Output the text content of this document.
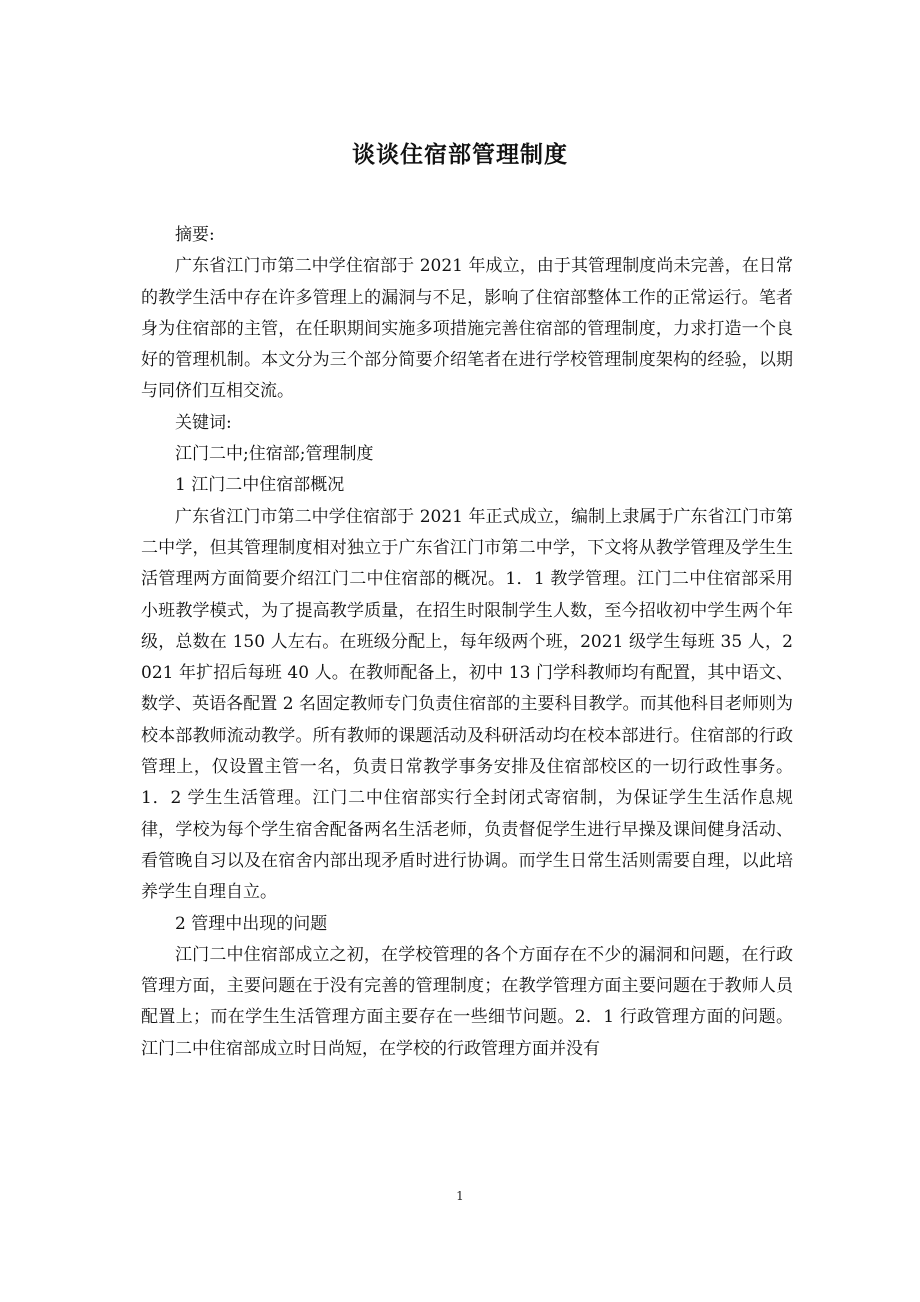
谈谈住宿部管理制度

摘要:

广东省江门市第二中学住宿部于 2021 年成立，由于其管理制度尚未完善，在日常的教学生活中存在许多管理上的漏洞与不足，影响了住宿部整体工作的正常运行。笔者身为住宿部的主管，在任职期间实施多项措施完善住宿部的管理制度，力求打造一个良好的管理机制。本文分为三个部分简要介绍笔者在进行学校管理制度架构的经验，以期与同侪们互相交流。

关键词:

江门二中;住宿部;管理制度

1 江门二中住宿部概况

广东省江门市第二中学住宿部于 2021 年正式成立，编制上隶属于广东省江门市第二中学，但其管理制度相对独立于广东省江门市第二中学，下文将从教学管理及学生生活管理两方面简要介绍江门二中住宿部的概况。1．1 教学管理。江门二中住宿部采用小班教学模式，为了提高教学质量，在招生时限制学生人数，至今招收初中学生两个年级，总数在 150 人左右。在班级分配上，每年级两个班，2021 级学生每班 35 人，2021 年扩招后每班 40 人。在教师配备上，初中 13 门学科教师均有配置，其中语文、数学、英语各配置 2 名固定教师专门负责住宿部的主要科目教学。而其他科目老师则为校本部教师流动教学。所有教师的课题活动及科研活动均在校本部进行。住宿部的行政管理上，仅设置主管一名，负责日常教学事务安排及住宿部校区的一切行政性事务。1．2 学生生活管理。江门二中住宿部实行全封闭式寄宿制，为保证学生生活作息规律，学校为每个学生宿舍配备两名生活老师，负责督促学生进行早操及课间健身活动、看管晚自习以及在宿舍内部出现矛盾时进行协调。而学生日常生活则需要自理，以此培养学生自理自立。

2 管理中出现的问题

江门二中住宿部成立之初，在学校管理的各个方面存在不少的漏洞和问题，在行政管理方面，主要问题在于没有完善的管理制度；在教学管理方面主要问题在于教师人员配置上；而在学生生活管理方面主要存在一些细节问题。2．1 行政管理方面的问题。江门二中住宿部成立时日尚短，在学校的行政管理方面并没有

1
